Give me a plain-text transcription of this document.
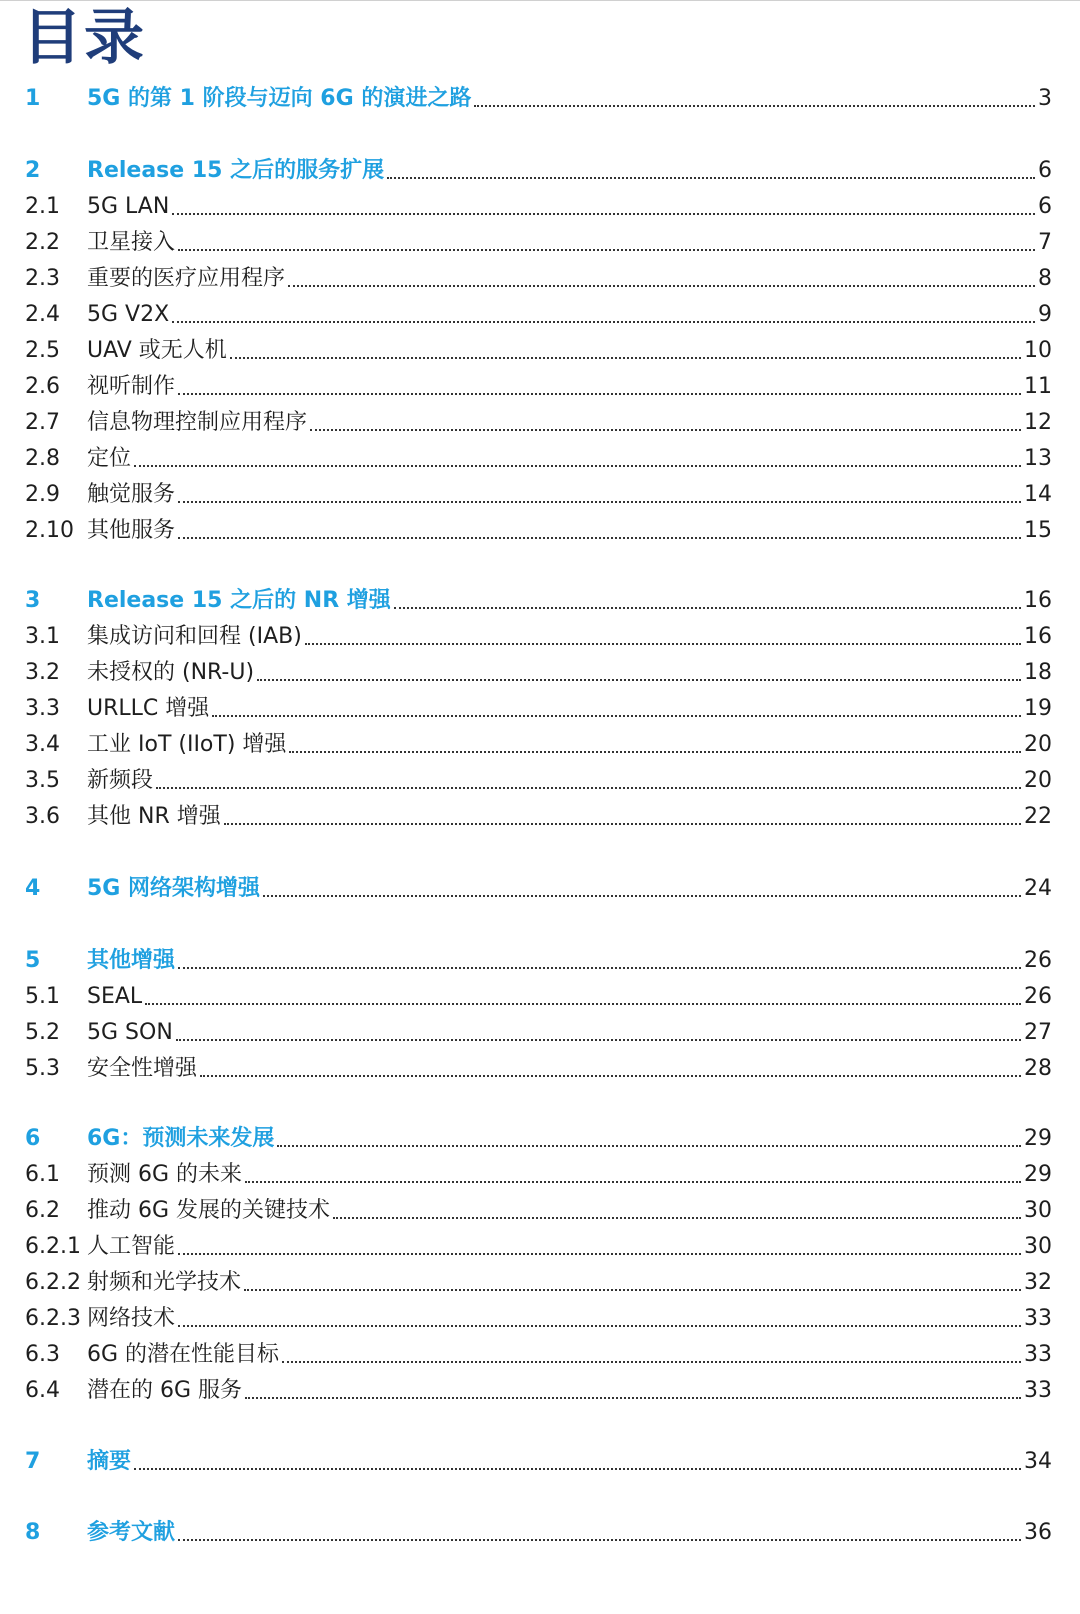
目录
1	5G 的第 1 阶段与迈向 6G 的演进之路	3
2	Release 15 之后的服务扩展	6
2.1	5G LAN	6
2.2	卫星接入	7
2.3	重要的医疗应用程序	8
2.4	5G V2X	9
2.5	UAV 或无人机	10
2.6	视听制作	11
2.7	信息物理控制应用程序	12
2.8	定位	13
2.9	触觉服务	14
2.10 其他服务	15
3	Release 15 之后的 NR 增强	16
3.1	集成访问和回程 (IAB)	16
3.2	未授权的 (NR-U)	18
3.3	URLLC 增强	19
3.4	工业 IoT (IIoT) 增强	20
3.5	新频段	20
3.6	其他 NR 增强	22
4	5G 网络架构增强	24
5	其他增强	26
5.1	SEAL	26
5.2	5G SON	27
5.3	安全性增强	28
6	6G：预测未来发展	29
6.1	预测 6G 的未来	29
6.2	推动 6G 发展的关键技术	30
6.2.1 人工智能	30
6.2.2 射频和光学技术	32
6.2.3 网络技术	33
6.3	6G 的潜在性能目标	33
6.4	潜在的 6G 服务	33
7	摘要	34
8	参考文献	36
